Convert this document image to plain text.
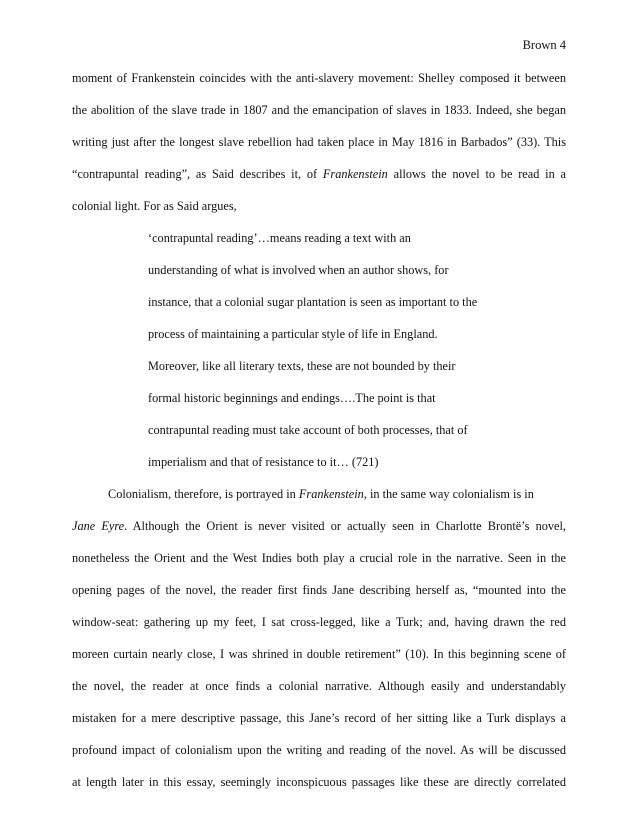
Brown 4
moment of Frankenstein coincides with the anti-slavery movement: Shelley composed it between
the abolition of the slave trade in 1807 and the emancipation of slaves in 1833. Indeed, she began
writing just after the longest slave rebellion had taken place in May 1816 in Barbados” (33). This
“contrapuntal reading”, as Said describes it, of Frankenstein allows the novel to be read in a
colonial light. For as Said argues,
‘contrapuntal reading’…means reading a text with an
understanding of what is involved when an author shows, for
instance, that a colonial sugar plantation is seen as important to the
process of maintaining a particular style of life in England.
Moreover, like all literary texts, these are not bounded by their
formal historic beginnings and endings….The point is that
contrapuntal reading must take account of both processes, that of
imperialism and that of resistance to it… (721)
Colonialism, therefore, is portrayed in Frankenstein, in the same way colonialism is in
Jane Eyre. Although the Orient is never visited or actually seen in Charlotte Brontë’s novel,
nonetheless the Orient and the West Indies both play a crucial role in the narrative. Seen in the
opening pages of the novel, the reader first finds Jane describing herself as, “mounted into the
window-seat: gathering up my feet, I sat cross-legged, like a Turk; and, having drawn the red
moreen curtain nearly close, I was shrined in double retirement” (10). In this beginning scene of
the novel, the reader at once finds a colonial narrative. Although easily and understandably
mistaken for a mere descriptive passage, this Jane’s record of her sitting like a Turk displays a
profound impact of colonialism upon the writing and reading of the novel. As will be discussed
at length later in this essay, seemingly inconspicuous passages like these are directly correlated
